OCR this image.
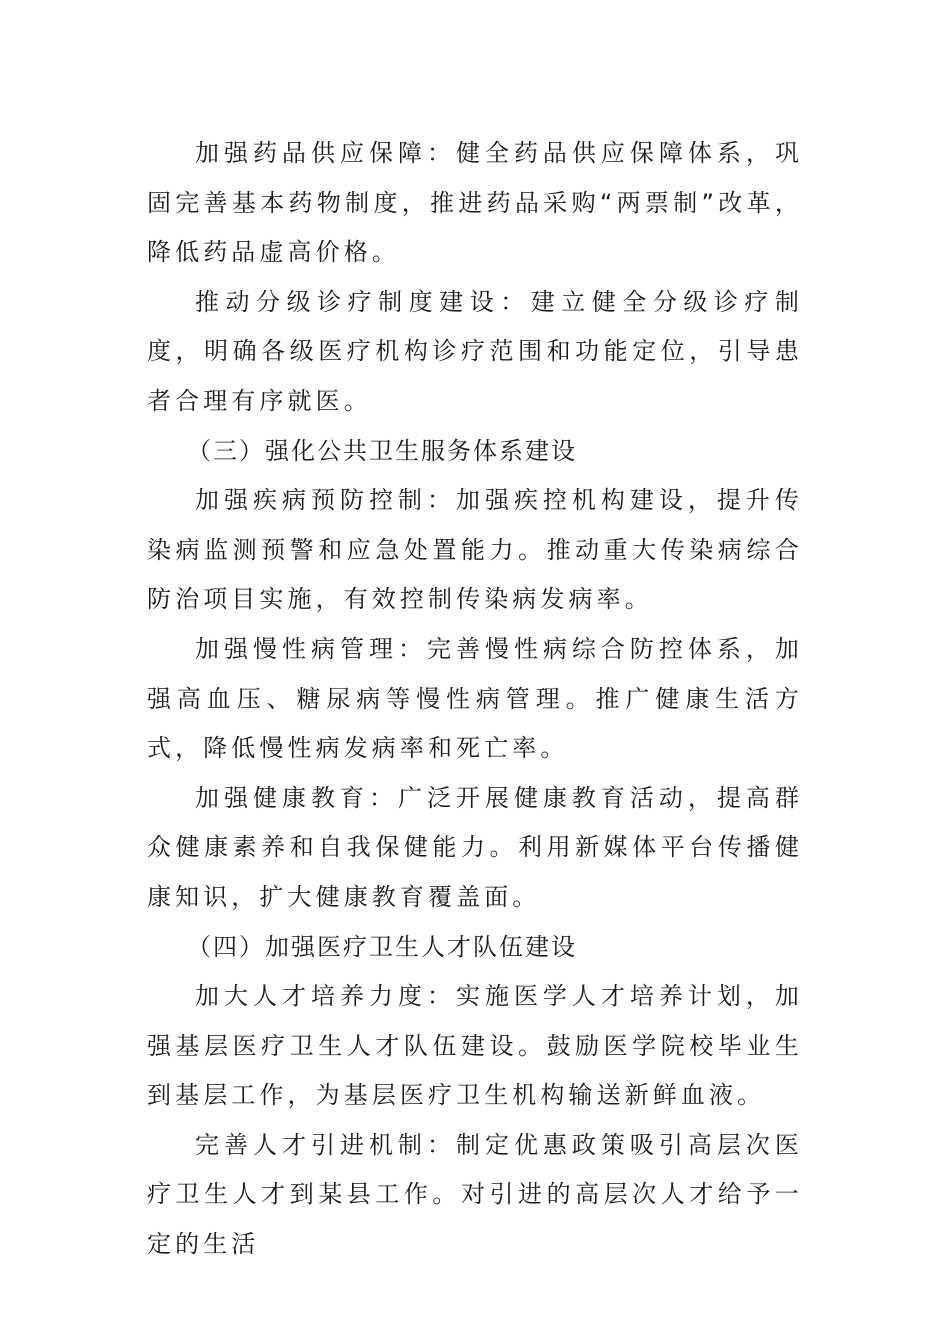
加强药品供应保障：健全药品供应保障体系，巩固完善基本药物制度，推进药品采购“两票制”改革，降低药品虚高价格。

推动分级诊疗制度建设：建立健全分级诊疗制度，明确各级医疗机构诊疗范围和功能定位，引导患者合理有序就医。

（三）强化公共卫生服务体系建设

加强疾病预防控制：加强疾控机构建设，提升传染病监测预警和应急处置能力。推动重大传染病综合防治项目实施，有效控制传染病发病率。

加强慢性病管理：完善慢性病综合防控体系，加强高血压、糖尿病等慢性病管理。推广健康生活方式，降低慢性病发病率和死亡率。

加强健康教育：广泛开展健康教育活动，提高群众健康素养和自我保健能力。利用新媒体平台传播健康知识，扩大健康教育覆盖面。

（四）加强医疗卫生人才队伍建设

加大人才培养力度：实施医学人才培养计划，加强基层医疗卫生人才队伍建设。鼓励医学院校毕业生到基层工作，为基层医疗卫生机构输送新鲜血液。

完善人才引进机制：制定优惠政策吸引高层次医疗卫生人才到某县工作。对引进的高层次人才给予一定的生活
